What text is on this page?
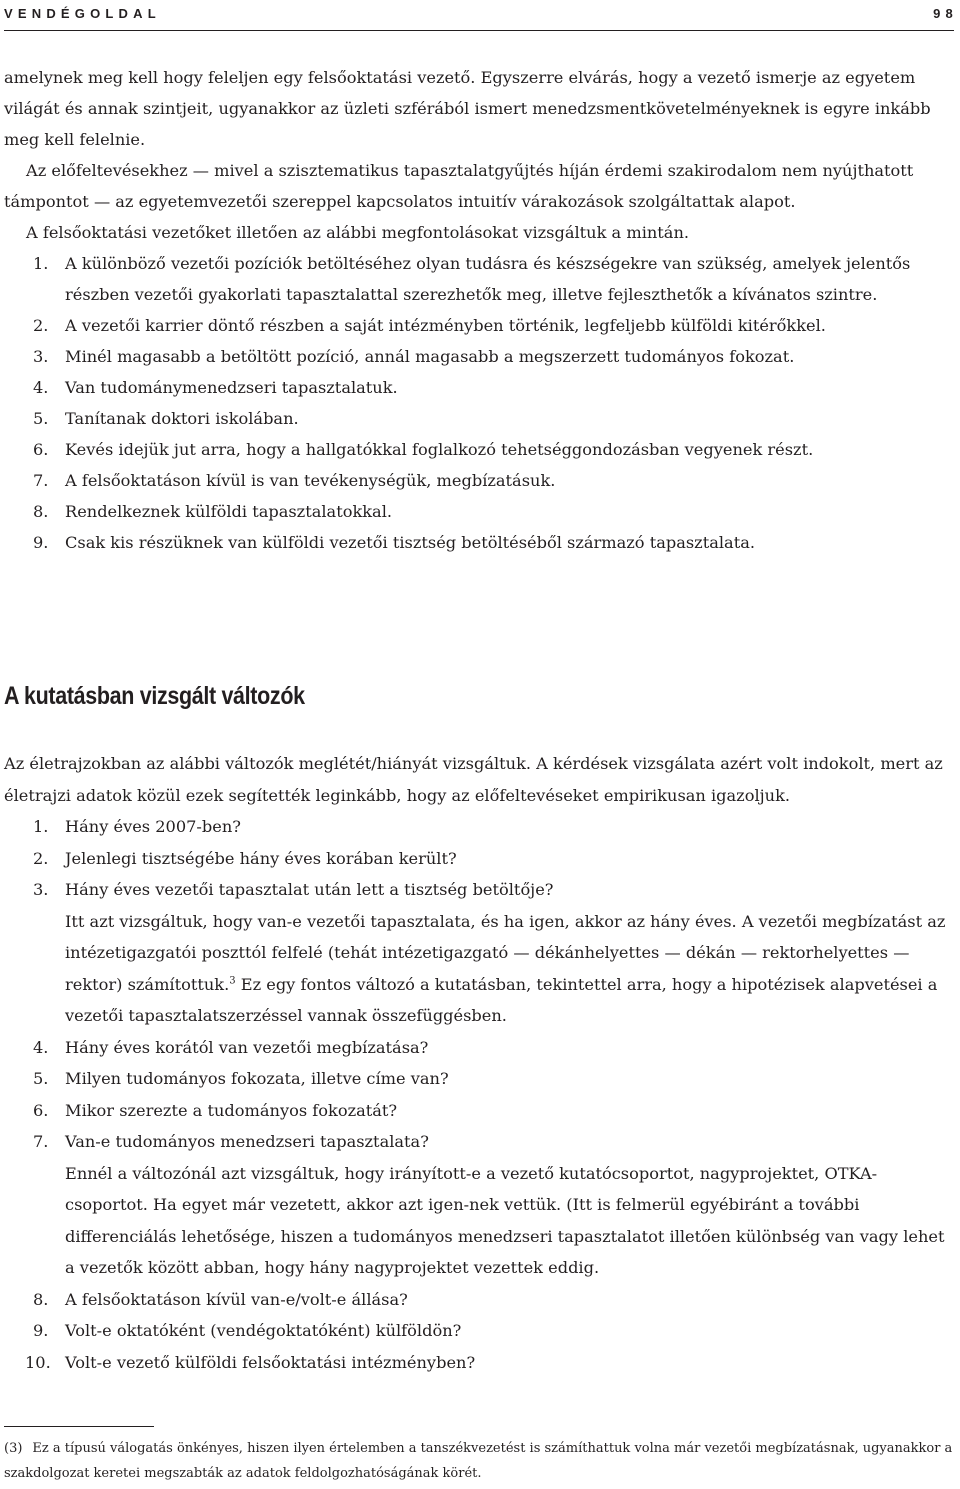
VENDÉGOLDAL	98

amelynek meg kell hogy feleljen egy felsőoktatási vezető. Egyszerre elvárás, hogy a vezető ismerje az egyetem világát és annak szintjeit, ugyanakkor az üzleti szférából ismert menedzsmentkövetelményeknek is egyre inkább meg kell felelnie.

Az előfeltevésekhez — mivel a szisztematikus tapasztalatgyűjtés híján érdemi szakirodalom nem nyújthatott támpontot — az egyetemvezetői szereppel kapcsolatos intuitív várakozások szolgáltattak alapot.

A felsőoktatási vezetőket illetően az alábbi megfontolásokat vizsgáltuk a mintán.

1. A különböző vezetői pozíciók betöltéséhez olyan tudásra és készségekre van szükség, amelyek jelentős részben vezetői gyakorlati tapasztalattal szerezhetők meg, illetve fejleszthetők a kívánatos szintre.
2. A vezetői karrier döntő részben a saját intézményben történik, legfeljebb külföldi kitérőkkel.
3. Minél magasabb a betöltött pozíció, annál magasabb a megszerzett tudományos fokozat.
4. Van tudománymenedzseri tapasztalatuk.
5. Tanítanak doktori iskolában.
6. Kevés idejük jut arra, hogy a hallgatókkal foglalkozó tehetséggondozásban vegyenek részt.
7. A felsőoktatáson kívül is van tevékenységük, megbízatásuk.
8. Rendelkeznek külföldi tapasztalatokkal.
9. Csak kis részüknek van külföldi vezetői tisztség betöltéséből származó tapasztalata.
A kutatásban vizsgált változók

Az életrajzokban az alábbi változók meglétét/hiányát vizsgáltuk. A kérdések vizsgálata azért volt indokolt, mert az életrajzi adatok közül ezek segítették leginkább, hogy az előfeltevéseket empirikusan igazoljuk.

1. Hány éves 2007-ben?
2. Jelenlegi tisztségébe hány éves korában került?
3. Hány éves vezetői tapasztalat után lett a tisztség betöltője?
Itt azt vizsgáltuk, hogy van-e vezetői tapasztalata, és ha igen, akkor az hány éves. A vezetői megbízatást az intézetigazgatói poszttól felfelé (tehát intézetigazgató — dékánhelyettes — dékán — rektorhelyettes — rektor) számítottuk.$^3$ Ez egy fontos változó a kutatásban, tekintettel arra, hogy a hipotézisek alapvetései a vezetői tapasztalatszerzéssel vannak összefüggésben.
4. Hány éves korától van vezetői megbízatása?
5. Milyen tudományos fokozata, illetve címe van?
6. Mikor szerezte a tudományos fokozatát?
7. Van-e tudományos menedzseri tapasztalata?
Ennél a változónál azt vizsgáltuk, hogy irányított-e a vezető kutatócsoportot, nagyprojektet, OTKA-csoportot. Ha egyet már vezetett, akkor azt igen-nek vettük. (Itt is felmerül egyébiránt a további differenciálás lehetősége, hiszen a tudományos menedzseri tapasztalatot illetően különbség van vagy lehet a vezetők között abban, hogy hány nagyprojektet vezettek eddig.
8. A felsőoktatáson kívül van-e/volt-e állása?
9. Volt-e oktatóként (vendégoktatóként) külföldön?
10. Volt-e vezető külföldi felsőoktatási intézményben?
(3) Ez a típusú válogatás önkényes, hiszen ilyen értelemben a tanszékvezetést is számíthattuk volna már vezetői megbízatásnak, ugyanakkor a szakdolgozat keretei megszabták az adatok feldolgozhatóságának körét.
